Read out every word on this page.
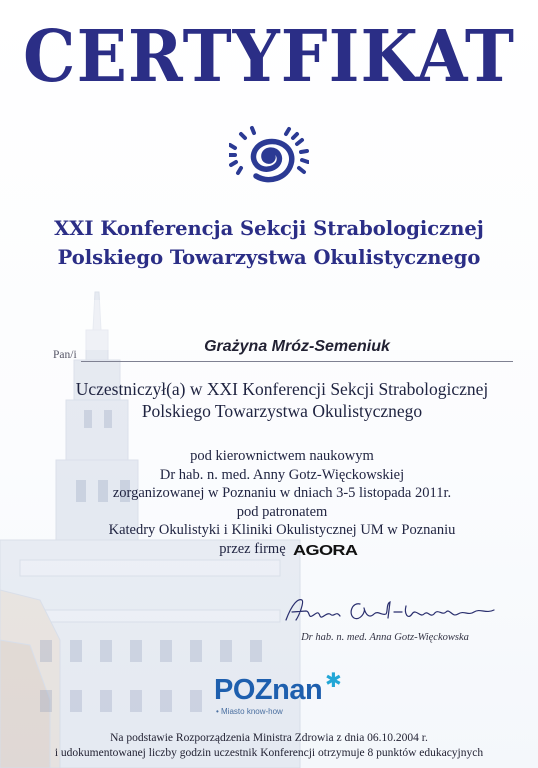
CERTYFIKAT
XXI Konferencja Sekcji Strabologicznej
Polskiego Towarzystwa Okulistycznego
Pan/i	Grażyna Mróz-Semeniuk
Uczestniczył(a) w XXI Konferencji Sekcji Strabologicznej
Polskiego Towarzystwa Okulistycznego
pod kierownictwem naukowym
Dr hab. n. med. Anny Gotz-Więckowskiej
zorganizowanej w Poznaniu w dniach 3-5 listopada 2011r.
pod patronatem
Katedry Okulistyki i Kliniki Okulistycznej UM w Poznaniu
przez firmę AGORA
Dr hab. n. med. Anna Gotz-Więckowska
POZnan ✱
• Miasto know-how
Na podstawie Rozporządzenia Ministra Zdrowia z dnia 06.10.2004 r.
i udokumentowanej liczby godzin uczestnik Konferencji otrzymuje 8 punktów edukacyjnych
